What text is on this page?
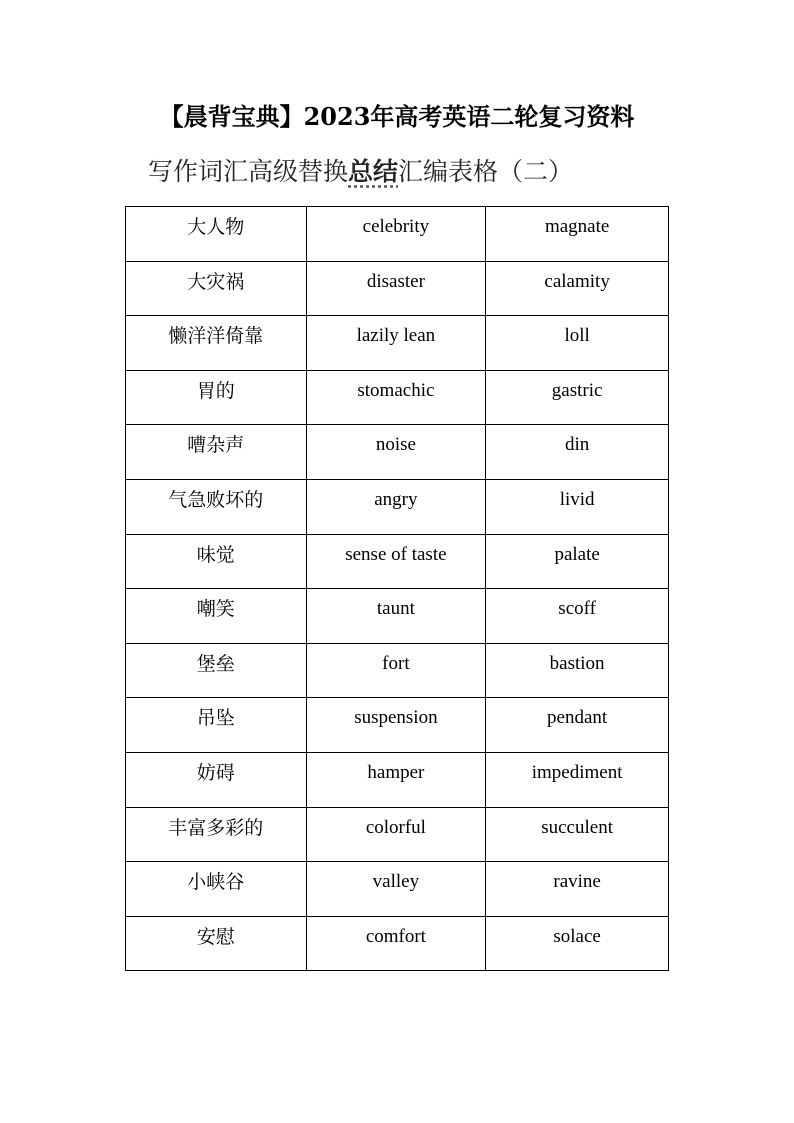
【晨背宝典】2023年高考英语二轮复习资料
写作词汇高级替换总结汇编表格（二）
大人物	celebrity	magnate
大灾祸	disaster	calamity
懒洋洋倚靠	lazily lean	loll
胃的	stomachic	gastric
嘈杂声	noise	din
气急败坏的	angry	livid
味觉	sense of taste	palate
嘲笑	taunt	scoff
堡垒	fort	bastion
吊坠	suspension	pendant
妨碍	hamper	impediment
丰富多彩的	colorful	succulent
小峡谷	valley	ravine
安慰	comfort	solace
